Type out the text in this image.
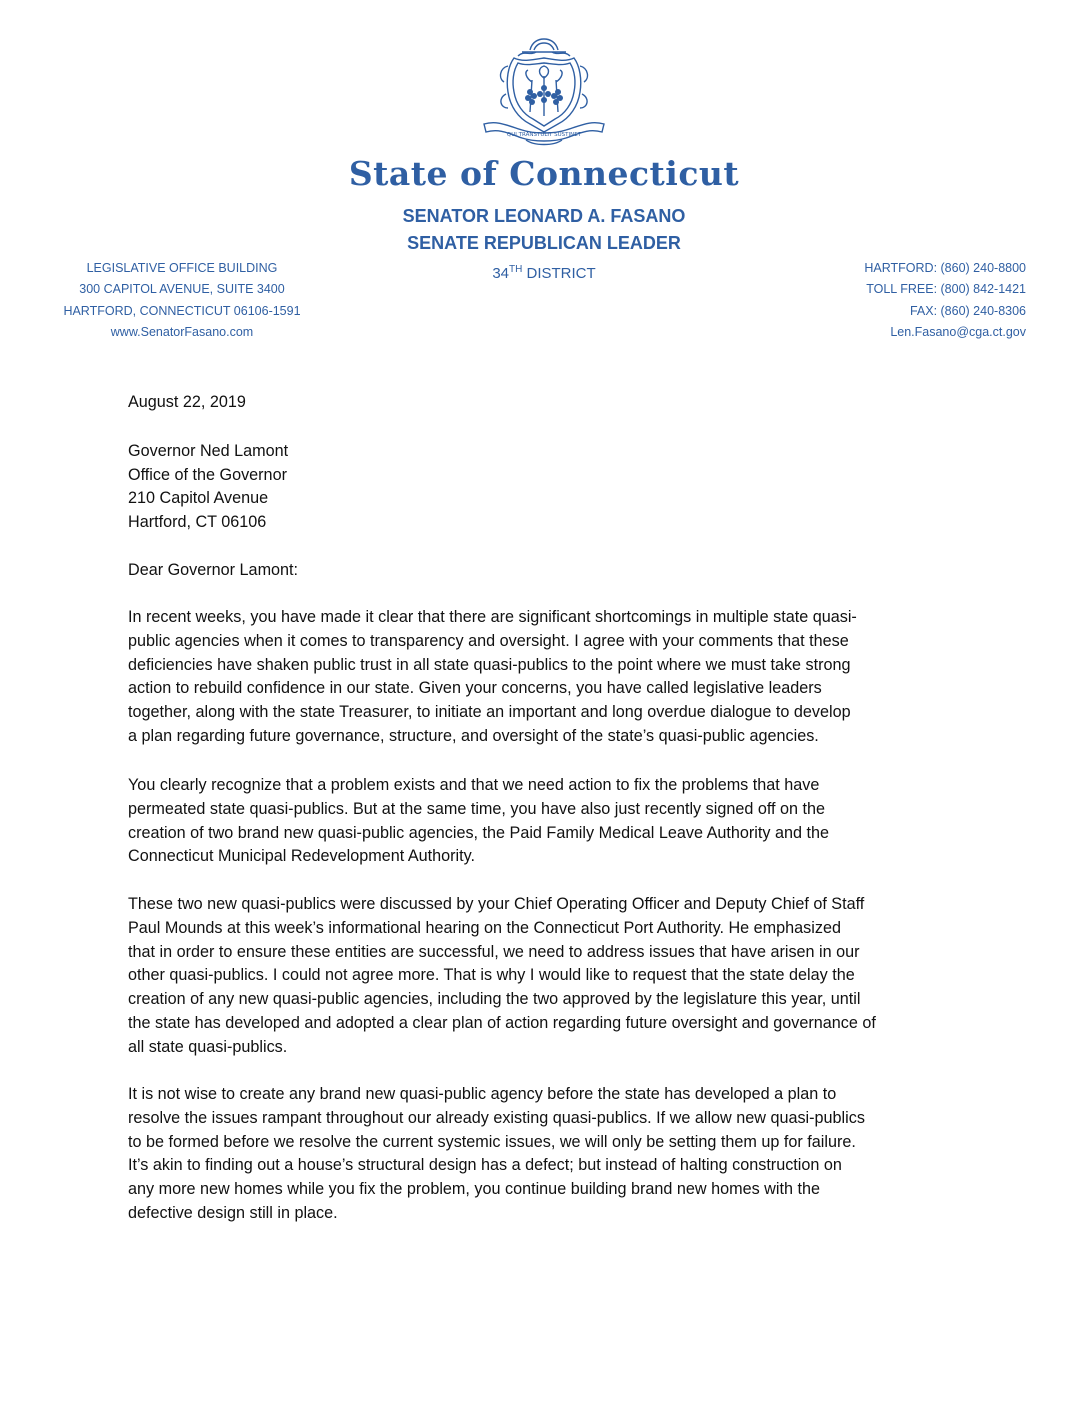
QUI TRANSTULIT SUSTINET
State of Connecticut
SENATOR LEONARD A. FASANO
SENATE REPUBLICAN LEADER
34TH DISTRICT
LEGISLATIVE OFFICE BUILDING
300 CAPITOL AVENUE, SUITE 3400
HARTFORD, CONNECTICUT 06106-1591
www.SenatorFasano.com
HARTFORD: (860) 240-8800
TOLL FREE: (800) 842-1421
FAX: (860) 240-8306
Len.Fasano@cga.ct.gov
August 22, 2019
Governor Ned Lamont
Office of the Governor
210 Capitol Avenue
Hartford, CT 06106
Dear Governor Lamont:
In recent weeks, you have made it clear that there are significant shortcomings in multiple state quasi-
public agencies when it comes to transparency and oversight. I agree with your comments that these
deficiencies have shaken public trust in all state quasi-publics to the point where we must take strong
action to rebuild confidence in our state. Given your concerns, you have called legislative leaders
together, along with the state Treasurer, to initiate an important and long overdue dialogue to develop
a plan regarding future governance, structure, and oversight of the state’s quasi-public agencies.
You clearly recognize that a problem exists and that we need action to fix the problems that have
permeated state quasi-publics. But at the same time, you have also just recently signed off on the
creation of two brand new quasi-public agencies, the Paid Family Medical Leave Authority and the
Connecticut Municipal Redevelopment Authority.
These two new quasi-publics were discussed by your Chief Operating Officer and Deputy Chief of Staff
Paul Mounds at this week’s informational hearing on the Connecticut Port Authority. He emphasized
that in order to ensure these entities are successful, we need to address issues that have arisen in our
other quasi-publics. I could not agree more. That is why I would like to request that the state delay the
creation of any new quasi-public agencies, including the two approved by the legislature this year, until
the state has developed and adopted a clear plan of action regarding future oversight and governance of
all state quasi-publics.
It is not wise to create any brand new quasi-public agency before the state has developed a plan to
resolve the issues rampant throughout our already existing quasi-publics. If we allow new quasi-publics
to be formed before we resolve the current systemic issues, we will only be setting them up for failure.
It’s akin to finding out a house’s structural design has a defect; but instead of halting construction on
any more new homes while you fix the problem, you continue building brand new homes with the
defective design still in place.
